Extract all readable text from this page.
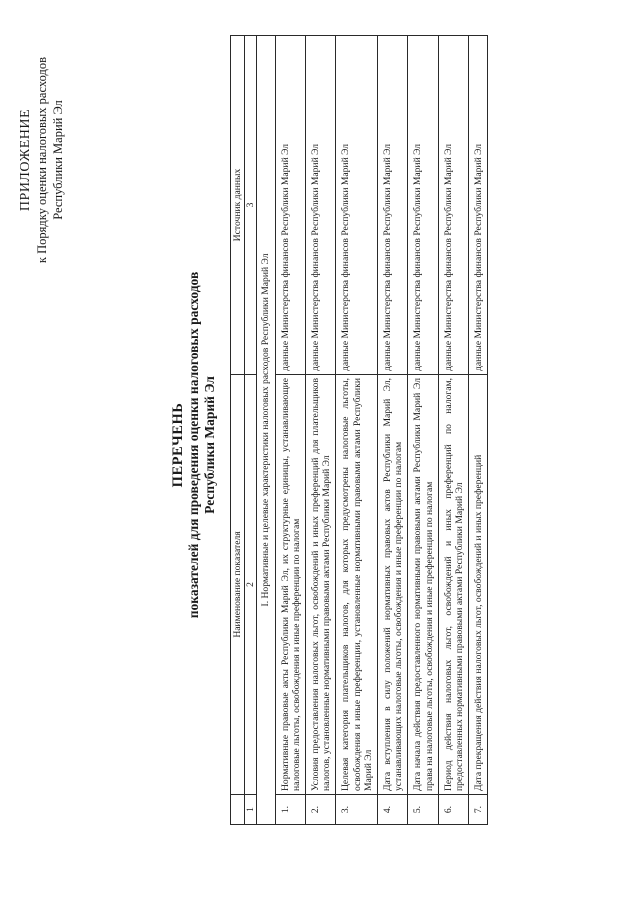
ПРИЛОЖЕНИЕ к Порядку оценки налоговых расходов Республики Марий Эл
ПЕРЕЧЕНЬ показателей для проведения оценки налоговых расходов Республики Марий Эл
	Наименование показателя	Источник данных
1	2	3
I. Нормативные и целевые характеристики налоговых расходов Республики Марий Эл		
1.	Нормативные правовые акты Республики Марий Эл, их структурные единицы, устанавливающие налоговые льготы, освобождения и иные преференции по налогам	данные Министерства финансов Республики Марий Эл
2.	Условия предоставления налоговых льгот, освобождений и иных преференций для плательщиков налогов, установленные нормативными правовыми актами Республики Марий Эл	данные Министерства финансов Республики Марий Эл
3.	Целевая категория плательщиков налогов, для которых предусмотрены налоговые льготы, освобождения и иные преференции, установленные нормативными правовыми актами Республики Марий Эл	данные Министерства финансов Республики Марий Эл
4.	Дата вступления в силу положений нормативных правовых актов Республики Марий Эл, устанавливающих налоговые льготы, освобождения и иные преференции по налогам	данные Министерства финансов Республики Марий Эл
5.	Дата начала действия предоставленного нормативными правовыми актами Республики Марий Эл права на налоговые льготы, освобождения и иные преференции по налогам	данные Министерства финансов Республики Марий Эл
6.	Период действия налоговых льгот, освобождений и иных преференций по налогам, предоставленных нормативными правовыми актами Республики Марий Эл	данные Министерства финансов Республики Марий Эл
7.	Дата прекращения действия налоговых льгот, освобождений и иных преференций	данные Министерства финансов Республики Марий Эл
